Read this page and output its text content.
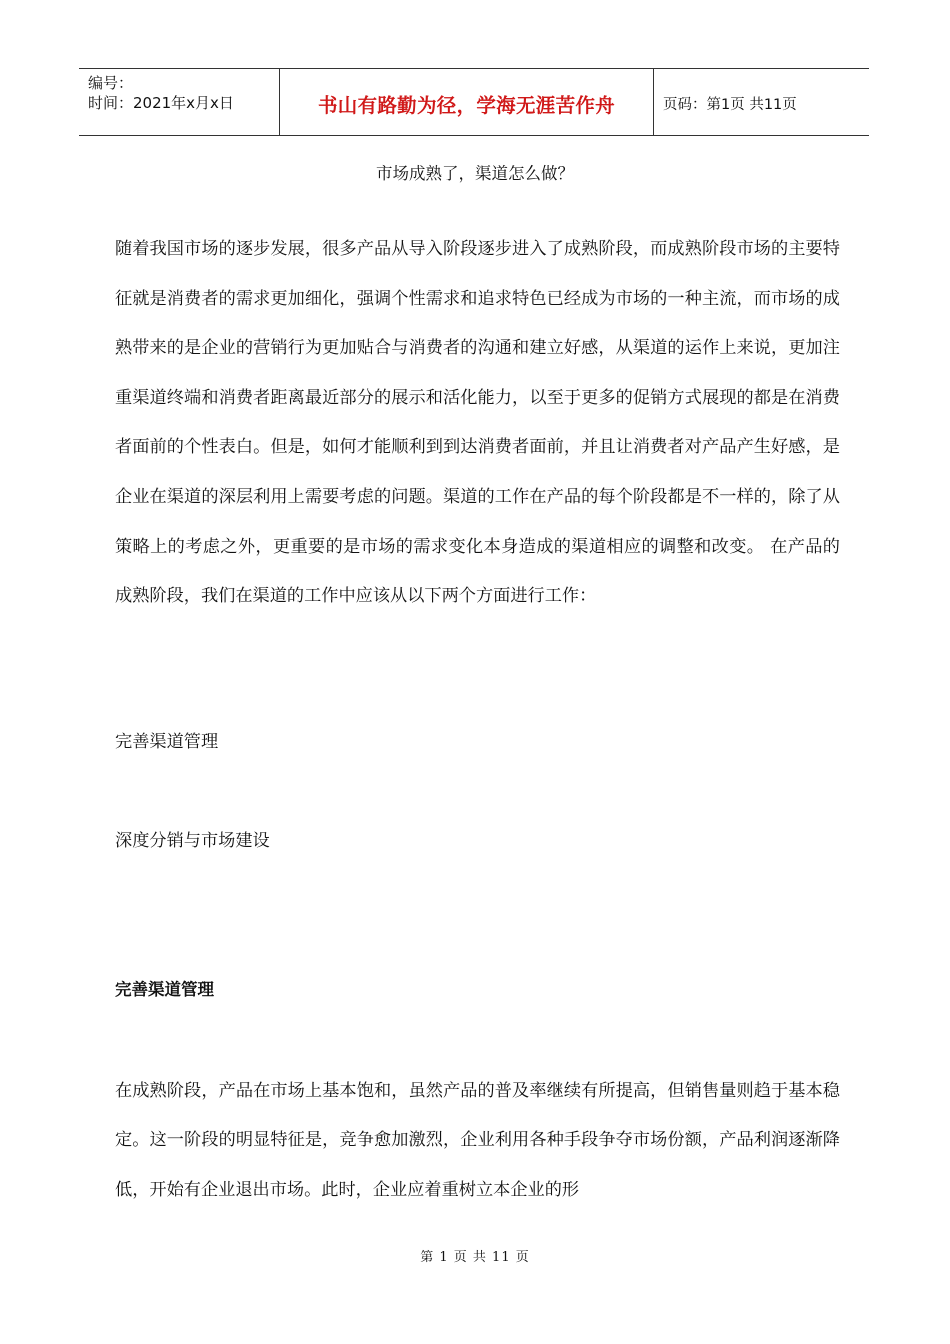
编号：
时间：2021年x月x日	书山有路勤为径，学海无涯苦作舟	页码：第1页 共11页
市场成熟了，渠道怎么做？

随着我国市场的逐步发展，很多产品从导入阶段逐步进入了成熟阶段，而成熟阶段市场的主要特征就是消费者的需求更加细化，强调个性需求和追求特色已经成为市场的一种主流，而市场的成熟带来的是企业的营销行为更加贴合与消费者的沟通和建立好感，从渠道的运作上来说，更加注重渠道终端和消费者距离最近部分的展示和活化能力，以至于更多的促销方式展现的都是在消费者面前的个性表白。但是，如何才能顺利到到达消费者面前，并且让消费者对产品产生好感，是企业在渠道的深层利用上需要考虑的问题。渠道的工作在产品的每个阶段都是不一样的，除了从策略上的考虑之外，更重要的是市场的需求变化本身造成的渠道相应的调整和改变。 在产品的成熟阶段，我们在渠道的工作中应该从以下两个方面进行工作：

完善渠道管理
深度分销与市场建设
完善渠道管理

在成熟阶段，产品在市场上基本饱和，虽然产品的普及率继续有所提高，但销售量则趋于基本稳定。这一阶段的明显特征是，竞争愈加激烈，企业利用各种手段争夺市场份额，产品利润逐渐降低，开始有企业退出市场。此时，企业应着重树立本企业的形

第 1 页 共 11 页
